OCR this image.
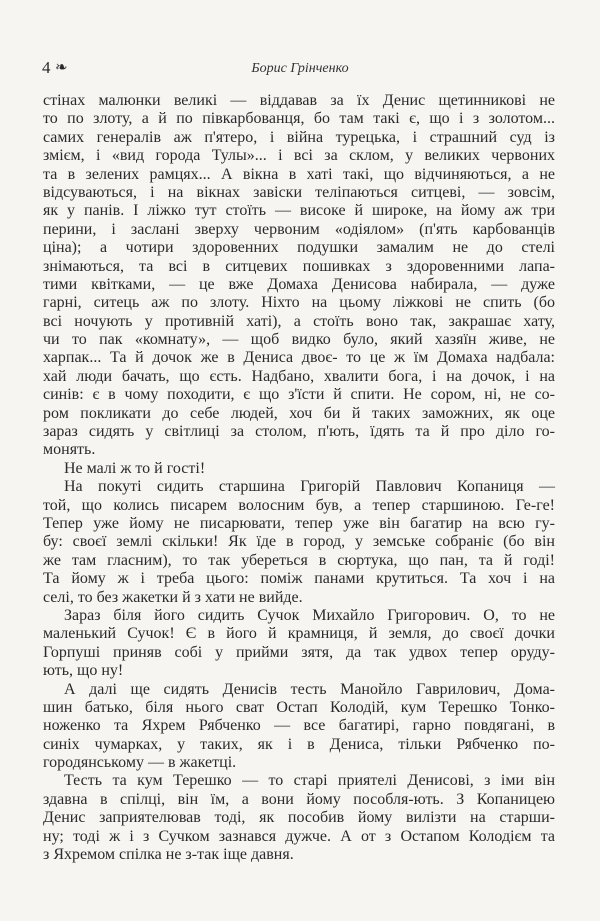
4 ❧	Борис Грінченко
стінах малюнки великі — віддавав за їх Денис щетинникові не
то по злоту, а й по півкарбованця, бо там такі є, що і з золотом...
самих генералів аж п'ятеро, і війна турецька, і страшний суд із
змієм, і «вид города Тулы»... і всі за склом, у великих червоних
та в зелених рамцях... А вікна в хаті такі, що відчиняються, а не
відсуваються, і на вікнах завіски теліпаються ситцеві, — зовсім,
як у панів. І ліжко тут стоїть — високе й широке, на йому аж три
перини, і заслані зверху червоним «одіялом» (п'ять карбованців
ціна); а чотири здоровенних подушки замалим не до стелі
знімаються, та всі в ситцевих пошивках з здоровенними лапа-
тими квітками, — це вже Домаха Денисова набирала, — дуже
гарні, ситець аж по злоту. Ніхто на цьому ліжкові не спить (бо
всі ночують у противній хаті), а стоїть воно так, закрашає хату,
чи то пак «комнату», — щоб видко було, який хазяїн живе, не
харпак... Та й дочок же в Дениса двоє- то це ж їм Домаха надбала:
хай люди бачать, що єсть. Надбано, хвалити бога, і на дочок, і на
синів: є в чому походити, є що з'їсти й спити. Не сором, ні, не со-
ром покликати до себе людей, хоч би й таких заможних, як оце
зараз сидять у світлиці за столом, п'ють, їдять та й про діло го-
монять.
Не малі ж то й гості!
На покуті сидить старшина Григорій Павлович Копаниця —
той, що колись писарем волосним був, а тепер старшиною. Ге-ге!
Тепер уже йому не писарювати, тепер уже він багатир на всю гу-
бу: своєї землі скільки! Як їде в город, у земське собраніє (бо він
же там гласним), то так убереться в сюртука, що пан, та й годі!
Та йому ж і треба цього: поміж панами крутиться. Та хоч і на
селі, то без жакетки й з хати не вийде.
Зараз біля його сидить Сучок Михайло Григорович. О, то не
маленький Сучок! Є в його й крамниця, й земля, до своєї дочки
Горпуші приняв собі у прийми зятя, да так удвох тепер оруду-
ють, що ну!
А далі ще сидять Денисів тесть Манойло Гаврилович, Дома-
шин батько, біля нього сват Остап Колодій, кум Терешко Тонко-
ноженко та Яхрем Рябченко — все багатирі, гарно повдягані, в
синіх чумарках, у таких, як і в Дениса, тільки Рябченко по-
городянському — в жакетці.
Тесть та кум Терешко — то старі приятелі Денисові, з іми він
здавна в спілці, він їм, а вони йому пособля-ють. З Копаницею
Денис заприятелював тоді, як пособив йому вилізти на старши-
ну; тоді ж і з Сучком зазнався дужче. А от з Остапом Колодієм та
з Яхремом спілка не з-так іще давня.
